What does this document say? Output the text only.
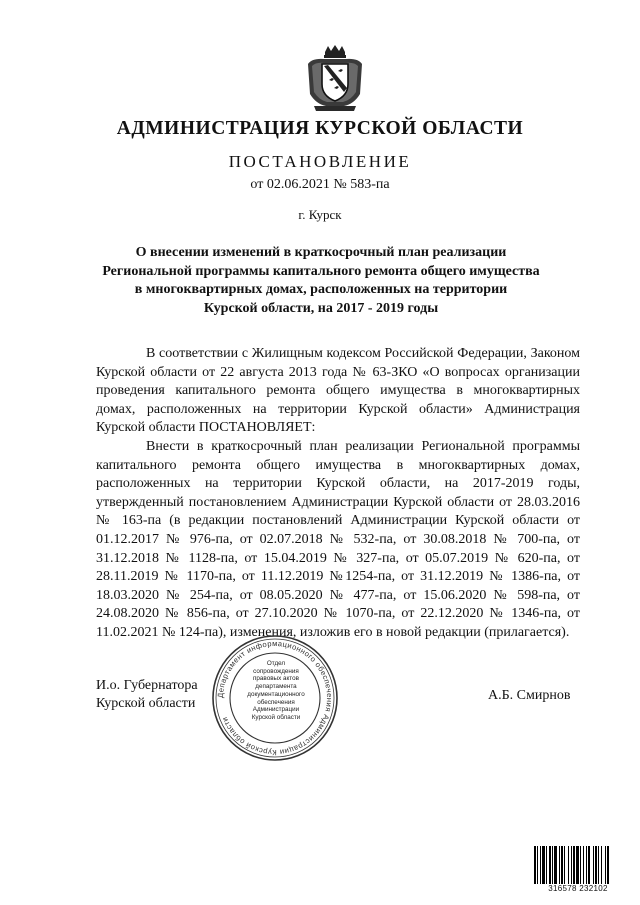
АДМИНИСТРАЦИЯ КУРСКОЙ ОБЛАСТИ
ПОСТАНОВЛЕНИЕ
от 02.06.2021 № 583-па
г. Курск
О внесении изменений в краткосрочный план реализации
Региональной программы капитального ремонта общего имущества
в многоквартирных домах, расположенных на территории
Курской области, на 2017 - 2019 годы

В соответствии с Жилищным кодексом Российской Федерации, Законом Курской области от 22 августа 2013 года № 63-ЗКО «О вопросах организации проведения капитального ремонта общего имущества в многоквартирных домах, расположенных на территории Курской области» Администрация Курской области ПОСТАНОВЛЯЕТ:

Внести в краткосрочный план реализации Региональной программы капитального ремонта общего имущества в многоквартирных домах, расположенных на территории Курской области, на 2017-2019 годы, утвержденный постановлением Администрации Курской области от 28.03.2016 № 163-па (в редакции постановлений Администрации Курской области от 01.12.2017 № 976-па, от 02.07.2018 № 532-па, от 30.08.2018 № 700-па, от 31.12.2018 № 1128-па, от 15.04.2019 № 327-па, от 05.07.2019 № 620-па, от 28.11.2019 № 1170-па, от 11.12.2019 №1254-па, от 31.12.2019 № 1386-па, от 18.03.2020 № 254-па, от 08.05.2020 № 477-па, от 15.06.2020 № 598-па, от 24.08.2020 № 856-па, от 27.10.2020 № 1070-па, от 22.12.2020 № 1346-па, от 11.02.2021 № 124-па), изменения, изложив его в новой редакции (прилагается).

И.о. Губернатора
Курской области
А.Б. Смирнов
Департамент информационного обеспечения Администрации Курской области
Отдел
сопровождения
правовых актов
департамента
документационного
обеспечения
Администрации
Курской области
316578 232102
